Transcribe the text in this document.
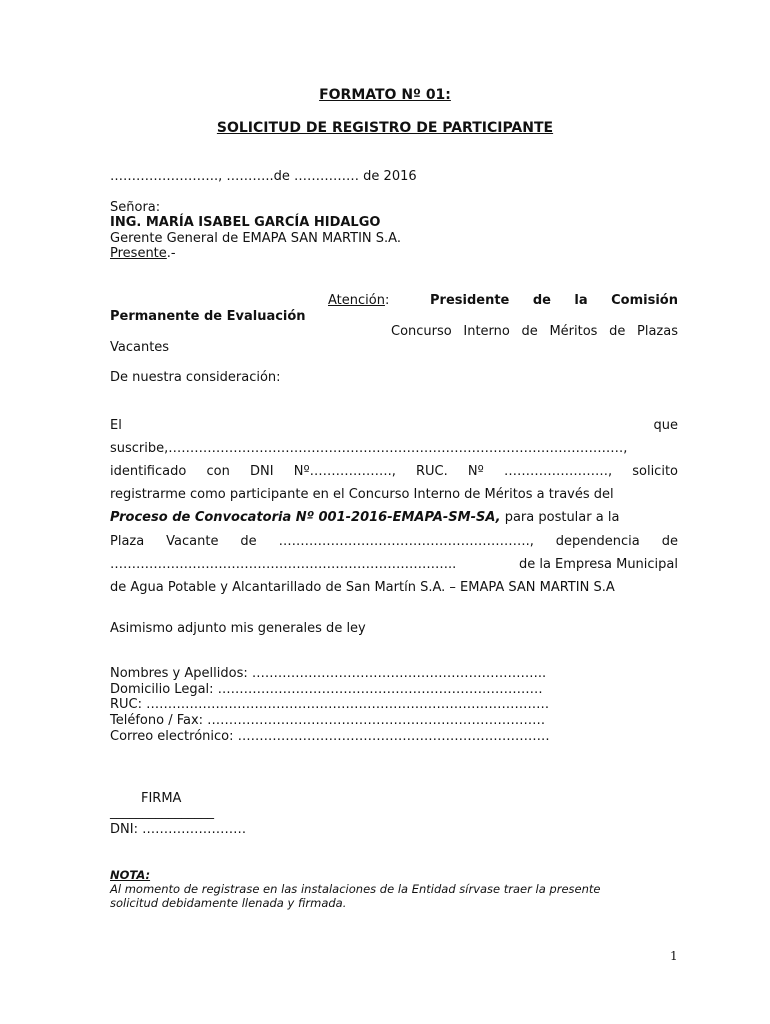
FORMATO Nº 01:
SOLICITUD DE REGISTRO DE PARTICIPANTE
……………………., ………..de …………… de 2016
Señora:
ING. MARÍA ISABEL GARCÍA HIDALGO
Gerente General de EMAPA SAN MARTIN S.A.
Presente.-
Atención:	Presidente de la Comisión
Permanente de Evaluación
Concurso Interno de Méritos de Plazas
Vacantes
De nuestra consideración:
El	que
suscribe,……………………………………………………………………………………………,
identificado con DNI Nº………………., RUC. Nº ……………………, solicito
registrarme como participante en el Concurso Interno de Méritos a través del
Proceso de Convocatoria Nº 001-2016-EMAPA-SM-SA, para postular a la
Plaza Vacante de …………………………………………………., dependencia de
……………………………………………………………………..	de la Empresa Municipal
de Agua Potable y Alcantarillado de San Martín S.A. – EMAPA SAN MARTIN S.A
Asimismo adjunto mis generales de ley
Nombres y Apellidos: …………………………………………………………..
Domicilio Legal: …………………………………………………………………
RUC: …………………………………………………………………………………
Teléfono / Fax: ……………………………………………………………………
Correo electrónico: ………………………………………………………………
FIRMA
________________
DNI: ……………………
NOTA:
Al momento de registrase en las instalaciones de la Entidad sírvase traer la presente
solicitud debidamente llenada y firmada.
1
